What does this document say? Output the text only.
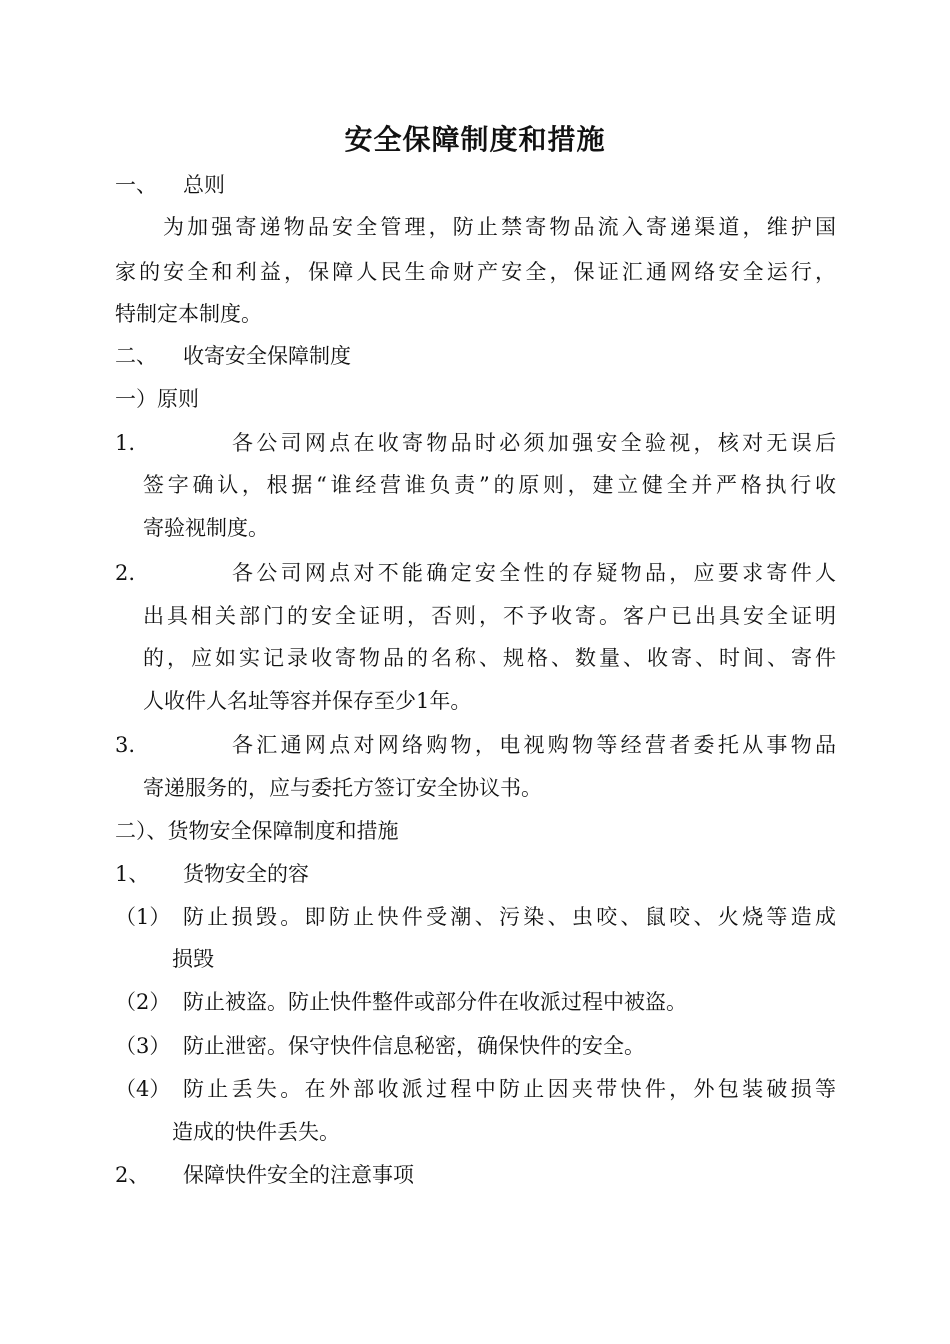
安全保障制度和措施
一、 总则
为加强寄递物品安全管理，防止禁寄物品流入寄递渠道，维护国
家的安全和利益，保障人民生命财产安全，保证汇通网络安全运行，
特制定本制度。
二、 收寄安全保障制度
一）原则
1.	各公司网点在收寄物品时必须加强安全验视，核对无误后
签字确认，根据“谁经营谁负责”的原则，建立健全并严格执行收
寄验视制度。
2.	各公司网点对不能确定安全性的存疑物品，应要求寄件人
出具相关部门的安全证明，否则，不予收寄。客户已出具安全证明
的，应如实记录收寄物品的名称、规格、数量、收寄、时间、寄件
人收件人名址等容并保存至少1年。
3.	各汇通网点对网络购物，电视购物等经营者委托从事物品
寄递服务的，应与委托方签订安全协议书。
二）、货物安全保障制度和措施
1、 货物安全的容
（1） 防止损毁。即防止快件受潮、污染、虫咬、鼠咬、火烧等造成
损毁
（2） 防止被盗。防止快件整件或部分件在收派过程中被盗。
（3） 防止泄密。保守快件信息秘密，确保快件的安全。
（4） 防止丢失。在外部收派过程中防止因夹带快件，外包装破损等
造成的快件丢失。
2、 保障快件安全的注意事项
